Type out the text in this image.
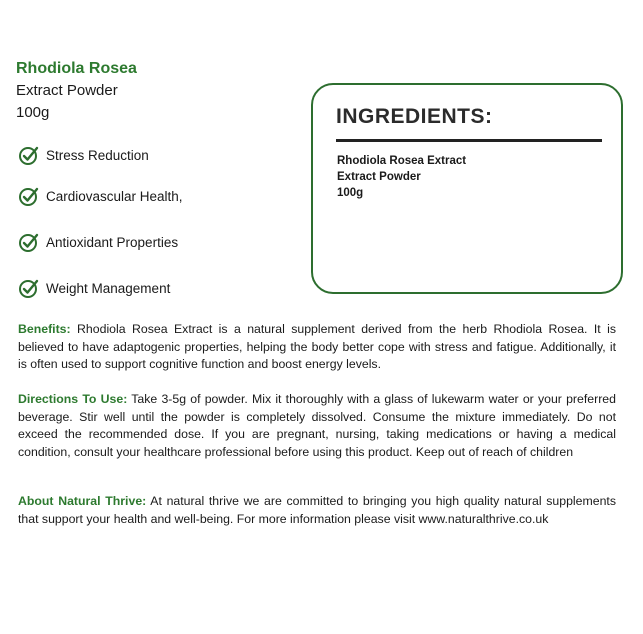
Rhodiola Rosea
Extract Powder
100g
Stress Reduction
Cardiovascular Health,
Antioxidant Properties
Weight Management
INGREDIENTS:
Rhodiola Rosea Extract
Extract Powder
100g
Benefits: Rhodiola Rosea Extract is a natural supplement derived from the herb Rhodiola Rosea. It is believed to have adaptogenic properties, helping the body better cope with stress and fatigue. Additionally, it is often used to support cognitive function and boost energy levels.
Directions To Use: Take 3-5g of powder. Mix it thoroughly with a glass of lukewarm water or your preferred beverage. Stir well until the powder is completely dissolved. Consume the mixture immediately. Do not exceed the recommended dose. If you are pregnant, nursing, taking medications or having a medical condition, consult your healthcare professional before using this product. Keep out of reach of children
About Natural Thrive: At natural thrive we are committed to bringing you high quality natural supplements that support your health and well-being. For more information please visit www.naturalthrive.co.uk
